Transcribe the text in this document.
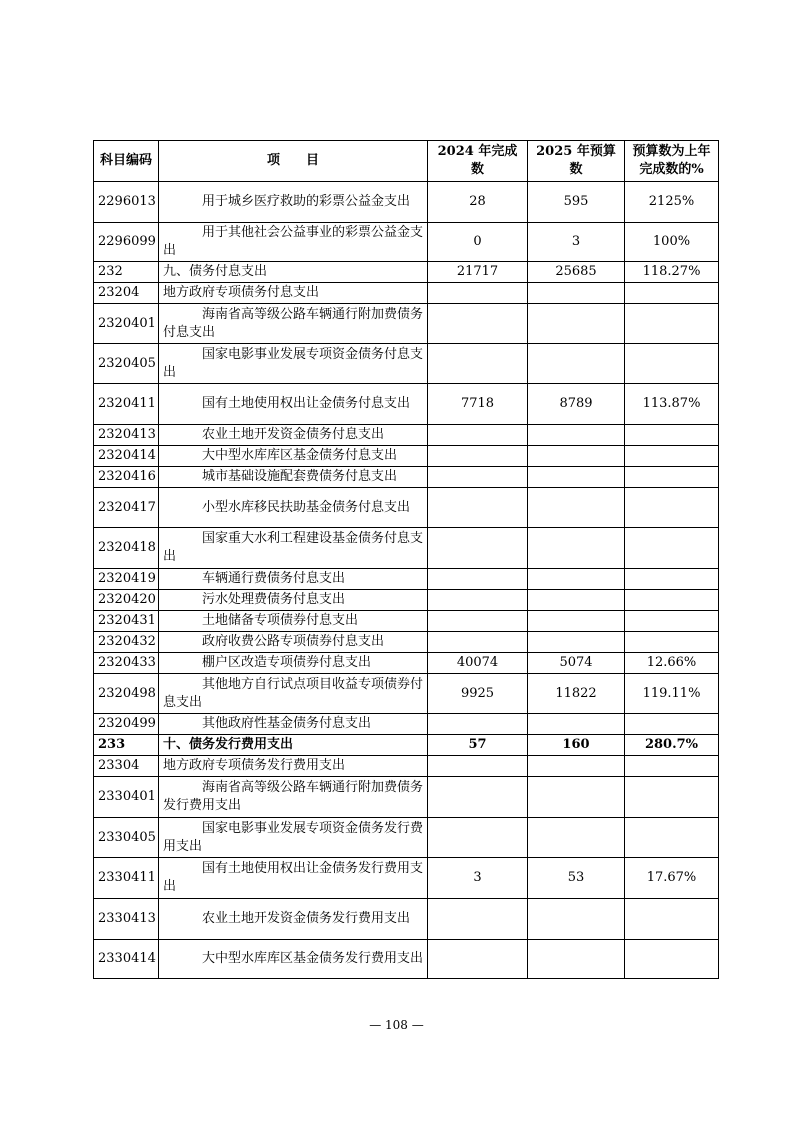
科目编码	项　　目	2024 年完成数	2025 年预算数	预算数为上年完成数的%
2296013	用于城乡医疗救助的彩票公益金支出	28	595	2125%
2296099	用于其他社会公益事业的彩票公益金支出	0	3	100%
232	九、债务付息支出	21717	25685	118.27%
23204	地方政府专项债务付息支出			
2320401	海南省高等级公路车辆通行附加费债务付息支出			
2320405	国家电影事业发展专项资金债务付息支出			
2320411	国有土地使用权出让金债务付息支出	7718	8789	113.87%
2320413	农业土地开发资金债务付息支出			
2320414	大中型水库库区基金债务付息支出			
2320416	城市基础设施配套费债务付息支出			
2320417	小型水库移民扶助基金债务付息支出			
2320418	国家重大水利工程建设基金债务付息支出			
2320419	车辆通行费债务付息支出			
2320420	污水处理费债务付息支出			
2320431	土地储备专项债券付息支出			
2320432	政府收费公路专项债券付息支出			
2320433	棚户区改造专项债券付息支出	40074	5074	12.66%
2320498	其他地方自行试点项目收益专项债券付息支出	9925	11822	119.11%
2320499	其他政府性基金债务付息支出			
233	十、债务发行费用支出	57	160	280.7%
23304	地方政府专项债务发行费用支出			
2330401	海南省高等级公路车辆通行附加费债务发行费用支出			
2330405	国家电影事业发展专项资金债务发行费用支出			
2330411	国有土地使用权出让金债务发行费用支出	3	53	17.67%
2330413	农业土地开发资金债务发行费用支出			
2330414	大中型水库库区基金债务发行费用支出			
— 108 —
